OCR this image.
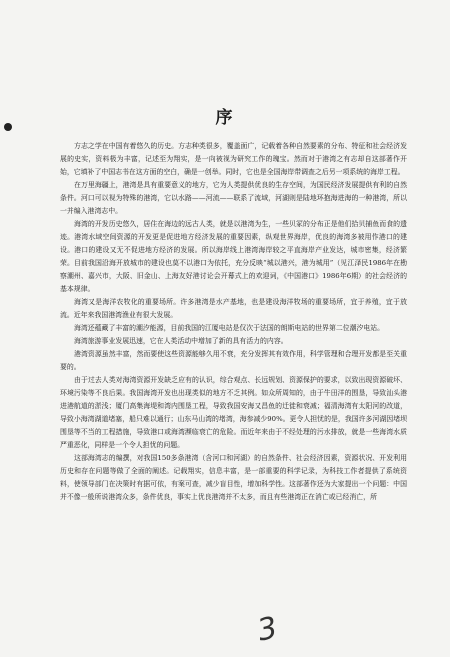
序

方志之学在中国有着悠久的历史。方志种类很多，覆盖面广，记载着各种自然要素的分布、特征和社会经济发展的史实，资料极为丰富，记述至为翔实，是一向被视为研究工作的瑰宝。然而对于港湾之有志却自这部著作开始，它填补了中国志书在这方面的空白，确是一创举。同时，它也是全国海岸带调查之后另一项系统的海岸工程。

在万里海疆上，港湾是具有重要意义的地方，它为人类提供优良的生存空间，为国民经济发展提供有利的自然条件。河口可以视为特殊的港湾，它以水路——河流——联系了流域，河湖则是陆地环抱海进海的一种港湾，所以一并编入港湾志中。

海湾的开发历史悠久，居住在海边的远古人类，就是以港湾为生，一些贝冢的分布正是他们拾贝捕鱼而食的遗迹。港湾水域空间资源的开发更是促进地方经济发展的重要因素，纵观世界海岸，优良的海湾多被用作港口的建设。港口的建设又无不促进地方经济的发展。所以海岸线上港湾海岸较之平直海岸产业发达，城市密集，经济繁荣。目前我国沿海开放城市的建设也莫不以港口为依托，充分反映“城以港兴，港为城用”（见江泽民1986年在勘察潮州、嘉兴市，大阪、旧金山、上海友好港讨论会开幕式上的欢迎词，《中国港口》1986年6期）的社会经济的基本规律。

海湾又是海洋农牧化的重要场所。许多港湾是水产基地，也是建设海洋牧场的重要场所，宜于养殖，宜于放流。近年来我国港湾渔业有很大发展。

海湾还蕴藏了丰富的潮汐能源，目前我国的江厦电站是仅次于法国的朗斯电站的世界第二位潮汐电站。

海湾旅游事业发展迅速，它在人类活动中增加了新的具有活力的内容。

港湾资源虽然丰富，然而要使这些资源能够久用不衰，充分发挥其有效作用，科学管理和合理开发都是至关重要的。

由于过去人类对海湾资源开发缺乏应有的认识，综合观点、长远规划、资源保护的要求，以致出现资源破坏、环境污染等不良后果。我国海湾开发也出现类似的地方不乏其例。如众所周知的，由于牛田洋的围垦，导致汕头港进港航道的淤浅；厦门高集海堤和湾内围垦工程，导致我国安海又昌鱼的迁徙和衰减；福清海湾有太阳河的改道，导致小海湾湖道堵塞，船只难以通行；山东马山湾的堵湾，海参减少90%。更令人担忧的是，我国许多河湖因堵坝围垦等不当的工程措施，导致港口或海湾濒临衰亡的危险。而近年来由于不经处理的污水排放，就是一些海湾水质严重恶化，同样是一个令人担忧的问题。

这部海湾志的编撰，对我国150多条港湾（含河口和河湖）的自然条件、社会经济因素，资源状况、开发利用历史和存在问题等做了全面的阐述。记载翔实，信息丰富，是一部重要的科学记录，为科技工作者提供了系统资料，使领导部门在决策时有据可依，有案可查，减少盲目性，增加科学性。这部著作还为大家提出一个问题：中国并不像一般所说港湾众多，条件优良，事实上优良港湾并不太多，而且有些港湾正在消亡或已经消亡，所

3
